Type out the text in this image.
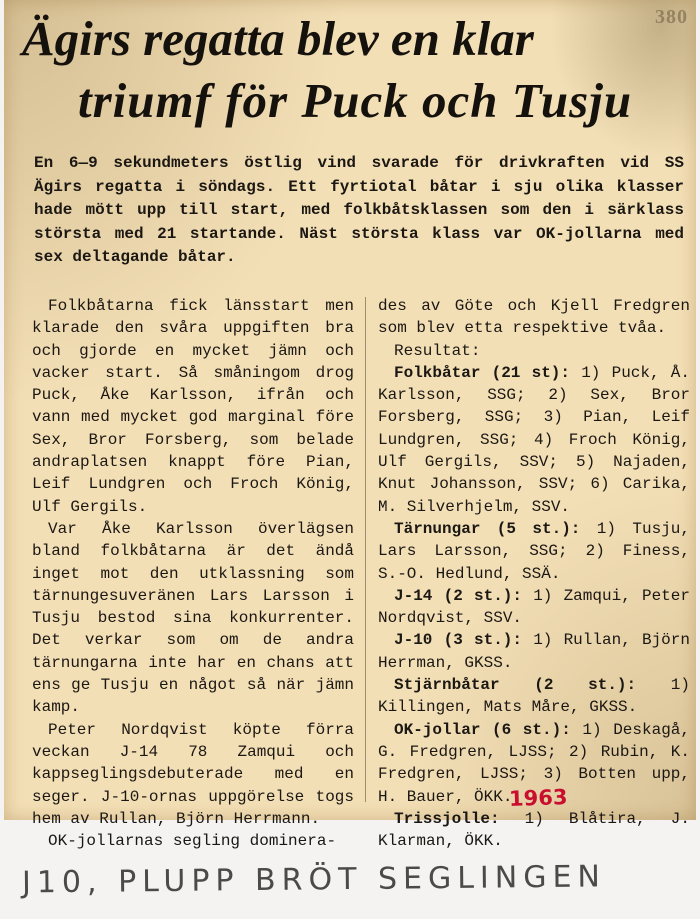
380
Ägirs regatta blev en klar
triumf för Puck och Tusju
En 6—9 sekundmeters östlig vind svarade för drivkraften vid SS Ägirs regatta i söndags. Ett fyrtiotal båtar i sju olika klasser hade mött upp till start, med folkbåtsklassen som den i särklass största med 21 startande. Näst största klass var OK-jollarna med sex deltagande båtar.

Folkbåtarna fick länsstart men klarade den svåra uppgiften bra och gjorde en mycket jämn och vacker start. Så småningom drog Puck, Åke Karlsson, ifrån och vann med mycket god marginal före Sex, Bror Forsberg, som belade andraplatsen knappt före Pian, Leif Lundgren och Froch König, Ulf Gergils.

Var Åke Karlsson överlägsen bland folkbåtarna är det ändå inget mot den utklassning som tärnungesuveränen Lars Larsson i Tusju bestod sina konkurrenter. Det verkar som om de andra tärnungarna inte har en chans att ens ge Tusju en något så när jämn kamp.

Peter Nordqvist köpte förra veckan J-14 78 Zamqui och kappseglingsdebuterade med en seger. J-10-ornas uppgörelse togs hem av Rullan, Björn Herrmann.

OK-jollarnas segling dominera-

des av Göte och Kjell Fredgren som blev etta respektive tvåa.

Resultat:

Folkbåtar (21 st): 1) Puck, Å. Karlsson, SSG; 2) Sex, Bror Forsberg, SSG; 3) Pian, Leif Lundgren, SSG; 4) Froch König, Ulf Gergils, SSV; 5) Najaden, Knut Johansson, SSV; 6) Carika, M. Silverhjelm, SSV.

Tärnungar (5 st.): 1) Tusju, Lars Larsson, SSG; 2) Finess, S.-O. Hedlund, SSÄ.

J-14 (2 st.): 1) Zamqui, Peter Nordqvist, SSV.

J-10 (3 st.): 1) Rullan, Björn Herrman, GKSS.

Stjärnbåtar (2 st.): 1) Killingen, Mats Måre, GKSS.

OK-jollar (6 st.): 1) Deskagå, G. Fredgren, LJSS; 2) Rubin, K. Fredgren, LJSS; 3) Botten upp, H. Bauer, ÖKK.

Trissjolle: 1) Blåtira, J. Klarman, ÖKK.

1963
J10, PLUPP BRÖT SEGLINGEN
